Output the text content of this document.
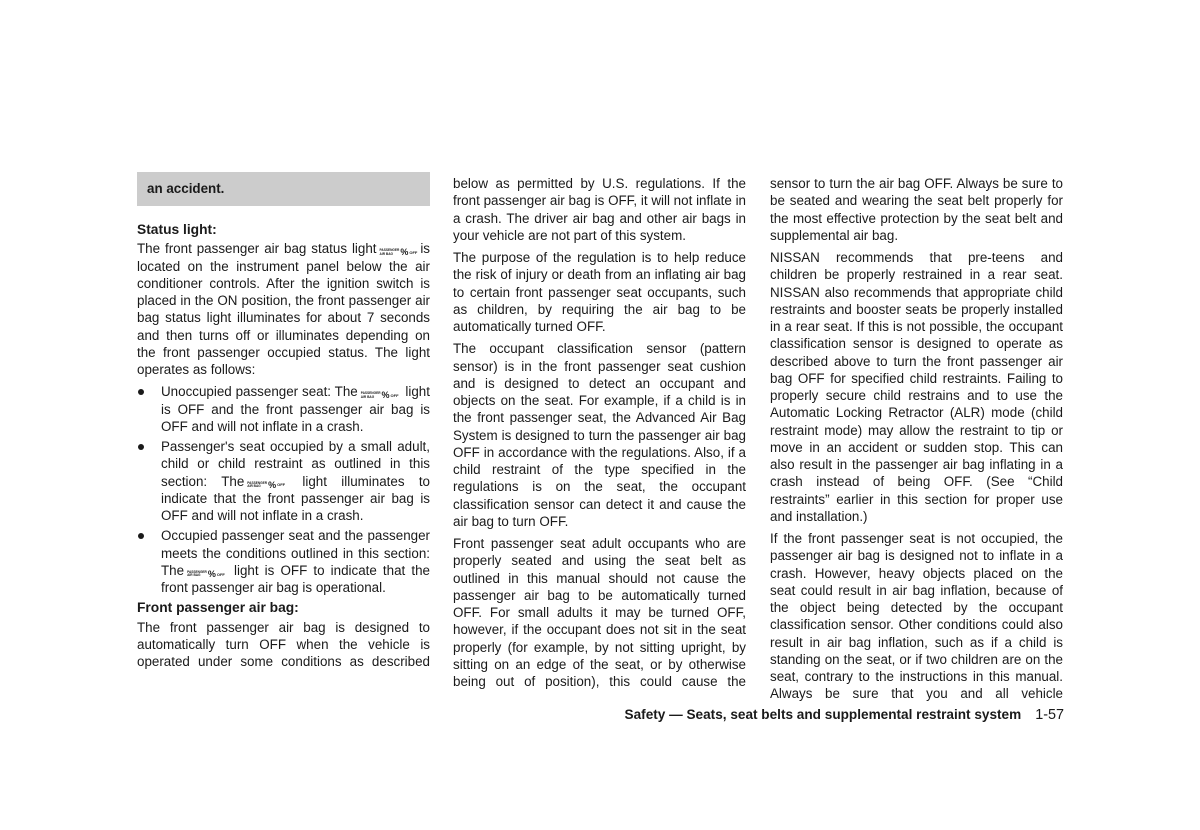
an accident.
Status light:

The front passenger air bag status light PASSENGER
AIR BAG % OFF is located on the instrument panel below the air conditioner controls. After the ignition switch is placed in the ON position, the front passenger air bag status light illuminates for about 7 seconds and then turns off or illuminates depending on the front passenger occupied status. The light operates as follows:

Unoccupied passenger seat: The PASSENGER
AIR BAG % OFF light is OFF and the front passenger air bag is OFF and will not inflate in a crash.
Passenger's seat occupied by a small adult, child or child restraint as outlined in this section: The PASSENGER
AIR BAG % OFF light illuminates to indicate that the front passenger air bag is OFF and will not inflate in a crash.
Occupied passenger seat and the passenger meets the conditions outlined in this section: The PASSENGER
AIR BAG % OFF light is OFF to indicate that the front passenger air bag is operational.
Front passenger air bag:

The front passenger air bag is designed to automatically turn OFF when the vehicle is operated under some conditions as described

below as permitted by U.S. regulations. If the front passenger air bag is OFF, it will not inflate in a crash. The driver air bag and other air bags in your vehicle are not part of this system.

The purpose of the regulation is to help reduce the risk of injury or death from an inflating air bag to certain front passenger seat occupants, such as children, by requiring the air bag to be automatically turned OFF.

The occupant classification sensor (pattern sensor) is in the front passenger seat cushion and is designed to detect an occupant and objects on the seat. For example, if a child is in the front passenger seat, the Advanced Air Bag System is designed to turn the passenger air bag OFF in accordance with the regulations. Also, if a child restraint of the type specified in the regulations is on the seat, the occupant classification sensor can detect it and cause the air bag to turn OFF.

Front passenger seat adult occupants who are properly seated and using the seat belt as outlined in this manual should not cause the passenger air bag to be automatically turned OFF. For small adults it may be turned OFF, however, if the occupant does not sit in the seat properly (for example, by not sitting upright, by sitting on an edge of the seat, or by otherwise being out of position), this could cause the

sensor to turn the air bag OFF. Always be sure to be seated and wearing the seat belt properly for the most effective protection by the seat belt and supplemental air bag.

NISSAN recommends that pre-teens and children be properly restrained in a rear seat. NISSAN also recommends that appropriate child restraints and booster seats be properly installed in a rear seat. If this is not possible, the occupant classification sensor is designed to operate as described above to turn the front passenger air bag OFF for specified child restraints. Failing to properly secure child restrains and to use the Automatic Locking Retractor (ALR) mode (child restraint mode) may allow the restraint to tip or move in an accident or sudden stop. This can also result in the passenger air bag inflating in a crash instead of being OFF. (See “Child restraints” earlier in this section for proper use and installation.)

If the front passenger seat is not occupied, the passenger air bag is designed not to inflate in a crash. However, heavy objects placed on the seat could result in air bag inflation, because of the object being detected by the occupant classification sensor. Other conditions could also result in air bag inflation, such as if a child is standing on the seat, or if two children are on the seat, contrary to the instructions in this manual. Always be sure that you and all vehicle

Safety — Seats, seat belts and supplemental restraint system 1-57
